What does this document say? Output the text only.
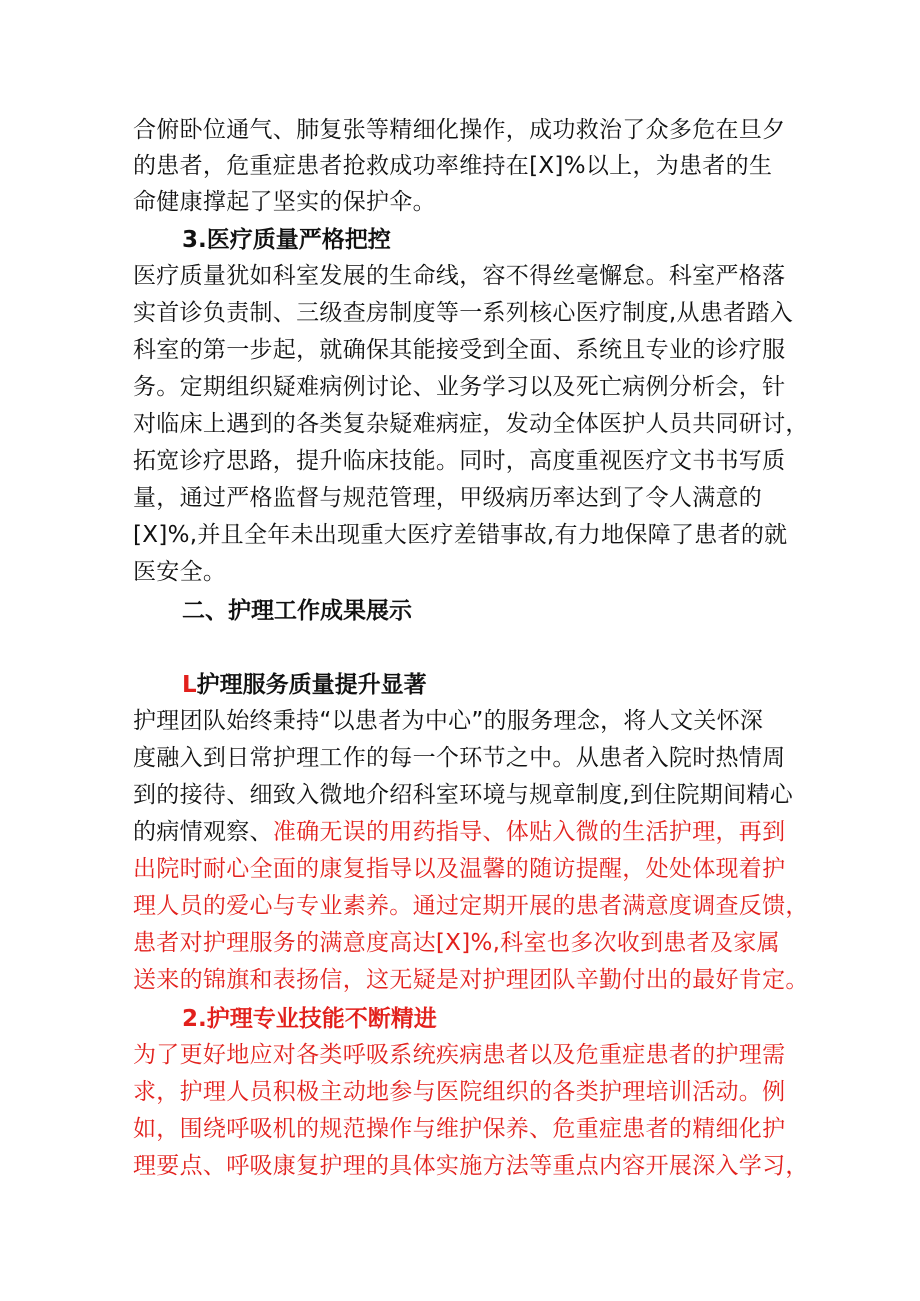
合俯卧位通气、肺复张等精细化操作，成功救治了众多危在旦夕
的患者，危重症患者抢救成功率维持在[X]%以上，为患者的生
命健康撑起了坚实的保护伞。
3.医疗质量严格把控
医疗质量犹如科室发展的生命线，容不得丝毫懈怠。科室严格落
实首诊负责制、三级查房制度等一系列核心医疗制度,从患者踏入
科室的第一步起，就确保其能接受到全面、系统且专业的诊疗服
务。定期组织疑难病例讨论、业务学习以及死亡病例分析会，针
对临床上遇到的各类复杂疑难病症，发动全体医护人员共同研讨，
拓宽诊疗思路，提升临床技能。同时，高度重视医疗文书书写质
量，通过严格监督与规范管理，甲级病历率达到了令人满意的
[X]%,并且全年未出现重大医疗差错事故,有力地保障了患者的就
医安全。
二、护理工作成果展示
L护理服务质量提升显著
护理团队始终秉持“以患者为中心”的服务理念，将人文关怀深
度融入到日常护理工作的每一个环节之中。从患者入院时热情周
到的接待、细致入微地介绍科室环境与规章制度,到住院期间精心
的病情观察、准确无误的用药指导、体贴入微的生活护理，再到
出院时耐心全面的康复指导以及温馨的随访提醒，处处体现着护
理人员的爱心与专业素养。通过定期开展的患者满意度调查反馈，
患者对护理服务的满意度高达[X]%,科室也多次收到患者及家属
送来的锦旗和表扬信，这无疑是对护理团队辛勤付出的最好肯定。
2.护理专业技能不断精进
为了更好地应对各类呼吸系统疾病患者以及危重症患者的护理需
求，护理人员积极主动地参与医院组织的各类护理培训活动。例
如，围绕呼吸机的规范操作与维护保养、危重症患者的精细化护
理要点、呼吸康复护理的具体实施方法等重点内容开展深入学习，
